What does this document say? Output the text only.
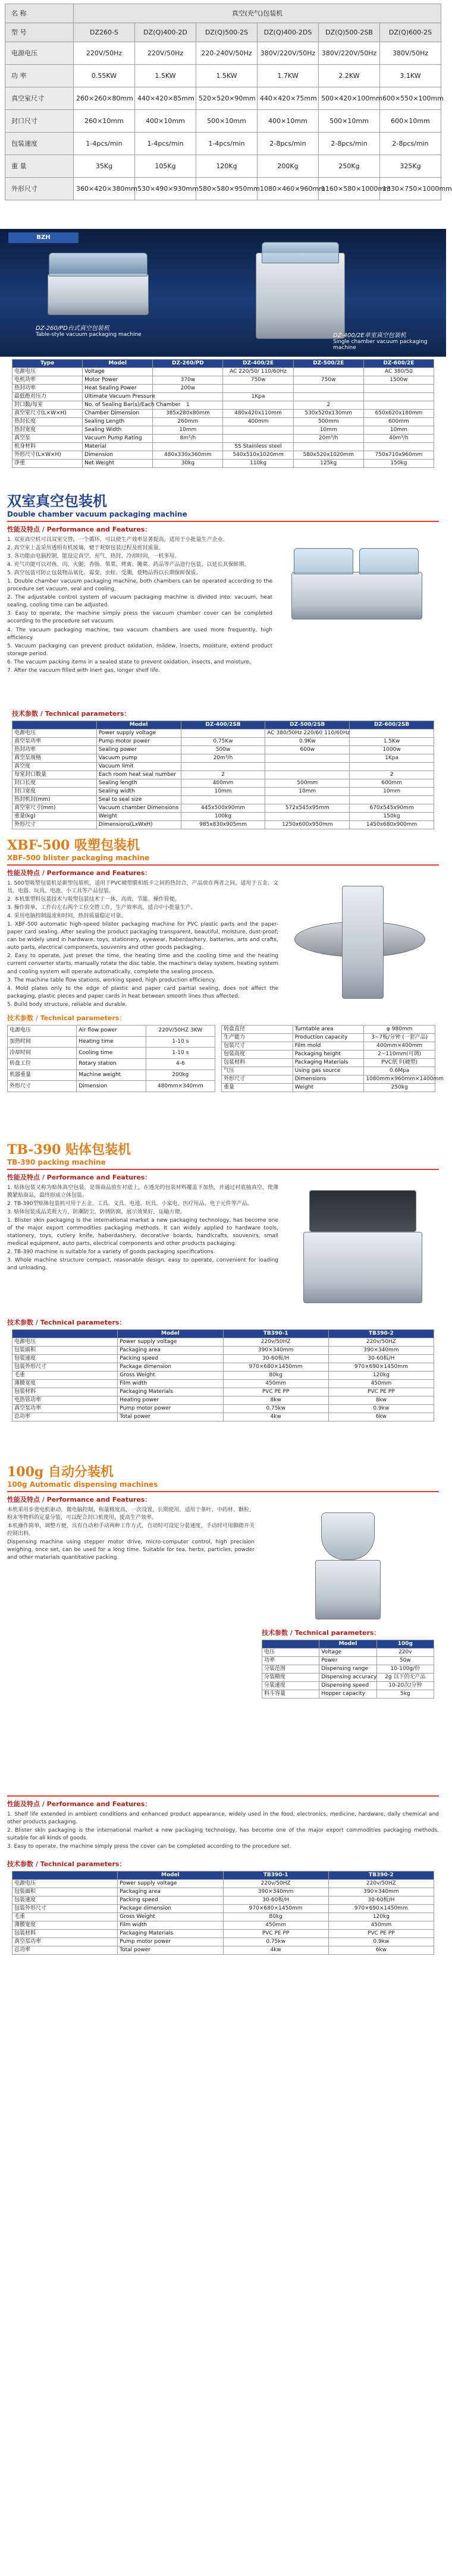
名 称	真空(充气)包装机					
型 号	DZ260-S	DZ(Q)400-2D	DZ(Q)500-2S	DZ(Q)400-2DS	DZ(Q)500-2SB	DZ(Q)600-2S
电源电压	220V/50Hz	220V/50Hz	220-240V/50Hz	380V/220V/50Hz	380V/220V/50Hz	380V/50Hz
功 率	0.55KW	1.5KW	1.5KW	1.7KW	2.2KW	3.1KW
真空室尺寸	260×260×80mm	440×420×85mm	520×520×90mm	440×420×75mm	500×420×100mm	600×550×100mm
封口尺寸	260×10mm	400×10mm	500×10mm	400×10mm	500×10mm	600×10mm
包装速度	1-4pcs/min	1-4pcs/min	1-4pcs/min	2-8pcs/min	2-8pcs/min	2-8pcs/min
重 量	35Kg	105Kg	120Kg	200Kg	250Kg	325Kg
外形尺寸	360×420×380mm	530×490×930mm	580×580×950mm	1080×460×960mm	1160×580×1000mm	1330×750×1000mm
BZH
DZ-260/PD台式真空包装机
Table-style vacuum packaging machine	DZ-400/2E单室真空包装机
Single chamber vacuum packaging machine
Type	Model	DZ-260/PD	DZ-400/2E	DZ-500/2E	DZ-600/2E
电源电压	Voltage		AC 220/50/ 110/60Hz		AC 380/50
电机功率	Motor Power	370w	750w	750w	1500w
热封功率	Heat Sealing Power	200w			
最低绝对压力	Ultimate Vacuum Pressure		1Kpa		
封口数/每室	No. of Sealing Bar(s)/Each Chamber	1		2	
真空室尺寸(L×W×H)	Chamber Dimension	385x280x80mm	480x420x110mm	530x520x130mm	650x620x180mm
热封长度	Sealing Length	260mm	400mm	500mm	600mm
热封宽度	Sealing Width	10mm		10mm	10mm
真空泵	Vacuum Pump Rating	8m³/h		20m³/h	40m³/h
机身材料	Material		SS Stainless steel		
外形尺寸(L×W×H)	Dimension	480x330x360mm	540x510x1020mm	580x520x1020mm	750x710x960mm
净重	Net Weight	30kg	110kg	125kg	150kg
双室真空包装机
Double chamber vacuum packaging machine
性能及特点 / Performance and Features：

1. 双室真空机可以双室交替，一个循环，可以使生产效率显著提高，适用于小批量生产企业。

2. 真空室上盖采用透明有机玻璃，便于观察包装过程及密封质量。

3. 各功能由电脑控制，能设定真空、充气、热封、冷却时间，一机多用。

4. 充气功能可以对鱼、肉、火腿、香肠、果菜、烤禽、腌菜、药品等产品进行包装，以延长其保鲜期。

5. 真空包装可防止包装物品氧化、霉变、虫蛀、受潮，使物品得以长期保鲜保质。

1. Double chamber vacuum packaging machine, both chambers can be operated according to the procedure set vacuum, seal and cooling.

2. The adjustable control system of vacuum packaging machine is divided into: vacuum, heat sealing, cooling time can be adjusted.

3. Easy to operate, the machine simply press the vacuum chamber cover can be completed according to the procedure set vacuum.

4. The vacuum packaging machine, two vacuum chambers are used more frequently, high efficiency.

5. Vacuum packaging can prevent product oxidation, mildew, insects, moisture, extend product storage period.

6. The vacuum packing items in a sealed state to prevent oxidation, insects, and moisture.

7. After the vacuum filled with inert gas, longer shelf life.

技术参数 / Technical parameters：
	Model	DZ-400/2SB	DZ-500/2SB	DZ-600/2SB
电源电压	Power supply voltage		AC 380/50Hz 220/60 110/60Hz	
真空泵功率	Pump motor power	0.75Kw	0.9Kw	1.5Kw
热封功率	Sealing power	500w	600w	1000w
真空泵规格	Vacuum pump	20m³/h		1Kpa
真空度	Vacuum limit			
每室封口数量	Each room heat seal number	2		2
封口长度	Sealing length	400mm	500mm	600mm
封口宽度	Sealing width	10mm	10mm	10mm
热封机封(mm)	Seal to seal size			
真空室尺寸(mm)	Vacuum chamber Dimensions	445x500x90mm	572x545x95mm	670x545x90mm
重量(kg)	Weight	100kg		150kg
外形尺寸	Dimensions(LxWxH)	985x830x905mm	1250x600x950mm	1450x680x900mm
XBF-500 吸塑包装机
XBF-500 blister packaging machine
性能及特点 / Performance and Features：

1. 500型吸塑包装机是新型包装机，适用于PVC硬塑膜和纸卡之间的热封合，产品放在两者之间，适用于五金、文具、电器、玩具、电池、小工具等产品包装。

2. 本机集塑料包装技术与吸塑包装技术于一体，高效、节能、操作简便。

3. 操作简单，工作台左右两个工位交替工作，生产效率高，适合中小批量生产。

4. 采用电脑控制温度和时间，热封质量稳定可靠。

1. XBF-500 automatic high-speed blister packaging machine for PVC plastic parts and the paper-paper card sealing. After sealing the product packaging transparent, beautiful, moisture, dust-proof; can be widely used in hardware, toys, stationery, eyewear, haberdashery, batteries, arts and crafts, auto parts, electrical components, souvenirs and other goods packaging.

2. Easy to operate, just preset the time, the heating time and the cooling time and the heating current converter starts, manually rotate the disc table, the machine's delay system, heating system and cooling system will operate automatically, complete the sealing process.

3. The machine table flow stations, working speed, high production efficiency.

4. Mold plates only to the edge of plastic and paper card partial sealing, does not affect the packaging, plastic pieces and paper cards in heat between smooth lines thus affected.

5. Build body structure, reliable and durable.

技术参数 / Technical parameters：
电源电压	Air flow power	220V/50HZ 3KW
加热时间	Heating time	1-10 s
冷却时间	Cooling time	1-10 s
转盘工位	Rotary station	4-6
机器重量	Machine weight	200kg
外形尺寸	Dimension	480mm×340mm
转盘直径	Turntable area	φ 980mm
生产能力	Production capacity	3~7板/分钟 (一套产品)
包装尺寸	Film mold	400mm×400mm
包装高度	Packaging height	2~110mm(可调)
包装材料	Packaging Materials	PVC纸卡(硬塑)
气压	Using gas source	0.6Mpa
外形尺寸	Dimensions	1080mm×960mm×1400mm
重量	Weight	250kg
TB-390 贴体包装机
TB-390 packing machine
性能及特点 / Performance and Features：

1. 贴体包装又称为贴体真空包装，是将商品放在衬底上，在透光的包装材料覆盖下加热，并通过衬底抽真空，使薄膜紧贴商品，最终形成立体包装。

2. TB-390型贴体包装机可用于五金、工具、文具、电池、玩具、小家电、医疗用品、电子元件等产品。

3. 贴体包装成品美观大方，防潮防尘，防锈防腐，展示效果好，运输方便。

1. Blister skin packaging is the international market a new packaging technology, has become one of the major export commodities packaging methods. It can widely applied to hardware tools, stationery, toys, cutlery knife, haberdashery, decorative boards, handicrafts, souvenirs, small medical equipment, auto parts, electrical components and other products packaging.

2. TB-390 machine is suitable for a variety of goods packaging specifications.

3. Whole machine structure compact, reasonable design, easy to operate, convenient for loading and unloading.

技术参数 / Technical parameters：
	Model	TB390-1	TB390-2
电源电压	Power supply voltage	220v/50HZ	220v/50HZ
包装面积	Packaging area	390×340mm	390×340mm
包装速度	Packing speed	30-60板/H	30-60板/H
包装外形尺寸	Package dimension	970×680×1450mm	970×690×1450mm
毛重	Gross Weight	80kg	120kg
薄膜宽度	Film width	450mm	450mm
包装材料	Packaging Materials	PVC PE PP	PVC PE PP
电热管功率	Heating power	8kw	8kw
真空泵功率	Pump motor power	0.75kw	0.9kw
总功率	Total power	4kw	6kw
100g 自动分装机
100g Automatic dispensing machines
性能及特点 / Performance and Features：

本机采用步进电机驱动，微电脑控制，称量精度高，一次设置，长期使用。适用于茶叶、中药材、颗粒、粉末等物料的定量分装，可以配合封口机使用，提高生产效率。

本机操作简单，调整方便，具有自动和手动两种工作方式，自动时可设定分装速度，手动时可用脚踏开关控制出料。

Dispensing machine using stepper motor drive, micro-computer control, high precision weighing, once set, can be used for a long time. Suitable for tea, herbs, particles, powder and other materials quantitative packing.

技术参数 / Technical parameters：
	Model	100g
电压	Voltage	220v
功率	Power	50w
分装范围	Dispensing range	10-100g/份
分装精度	Dispensing accuracy	2g 以下的无产品
分装速度	Dispensing speed	10-20次/分钟
料斗容量	Hopper capacity	5kg
性能及特点 / Performance and Features：

1. Shelf life extended in ambient conditions and enhanced product appearance, widely used in the food, electronics, medicine, hardware, daily chemical and other products packaging.

2. Blister skin packaging is the international market a new packaging technology, has become one of the major export commodities packaging methods, suitable for all kinds of goods.

3. Easy to operate, the machine simply press the cover can be completed according to the procedure set.

技术参数 / Technical parameters：
	Model	TB390-1	TB390-2
电源电压	Power supply voltage	220v/50HZ	220v/50HZ
包装面积	Packaging area	390×340mm	390×340mm
包装速度	Packing speed	30-60板/H	30-60板/H
包装外形尺寸	Package dimension	970×680×1450mm	970×690×1450mm
毛重	Gross Weight	80kg	120kg
薄膜宽度	Film width	450mm	450mm
包装材料	Packaging Materials	PVC PE PP	PVC PE PP
真空泵功率	Pump motor power	0.75kw	0.9kw
总功率	Total power	4kw	6kw
